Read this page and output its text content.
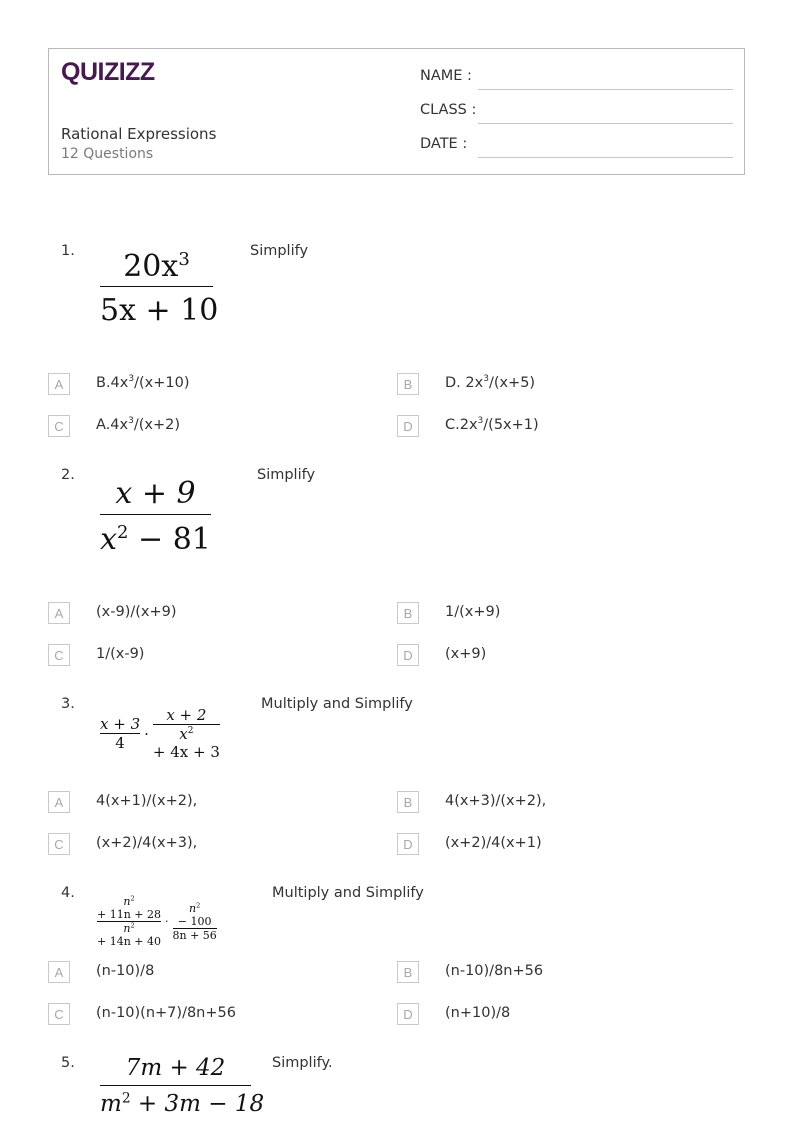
QUIZIZZ
Rational Expressions
12 Questions
NAME :
CLASS :
DATE :
1.	$20x^3$
5x + 10
Simplify
A	$B.4x^3/(x+10)$	B	D. $2x^3/(x+5)$
C	$A.4x^3/(x+2)$	D	$C.2x^3/(5x+1)$
2.
x + 9
$x^2 - 81$
Simplify
A	(x-9)/(x+9)	B	1/(x+9)
C	1/(x-9)	D	(x+9)
3.
$\frac{x + 3}{4} \cdot x + 2$
$x^2$
+ 4x + 3
Multiply and Simplify
A	4(x+1)/(x+2),	B	4(x+3)/(x+2),
C	(x+2)/4(x+3),	D	(x+2)/4(x+1)
4.
$n^2$
+ 11n + 28
$n^2$
+ $14n + 40 \cdot n^2$
− 100
8n + 56
Multiply and Simplify
A	(n-10)/8	B	(n-10)/8n+56
C	(n-10)(n+7)/8n+56	D	(n+10)/8
5.	7m + 42
$m^2 + 3m - 18$
Simplify.
